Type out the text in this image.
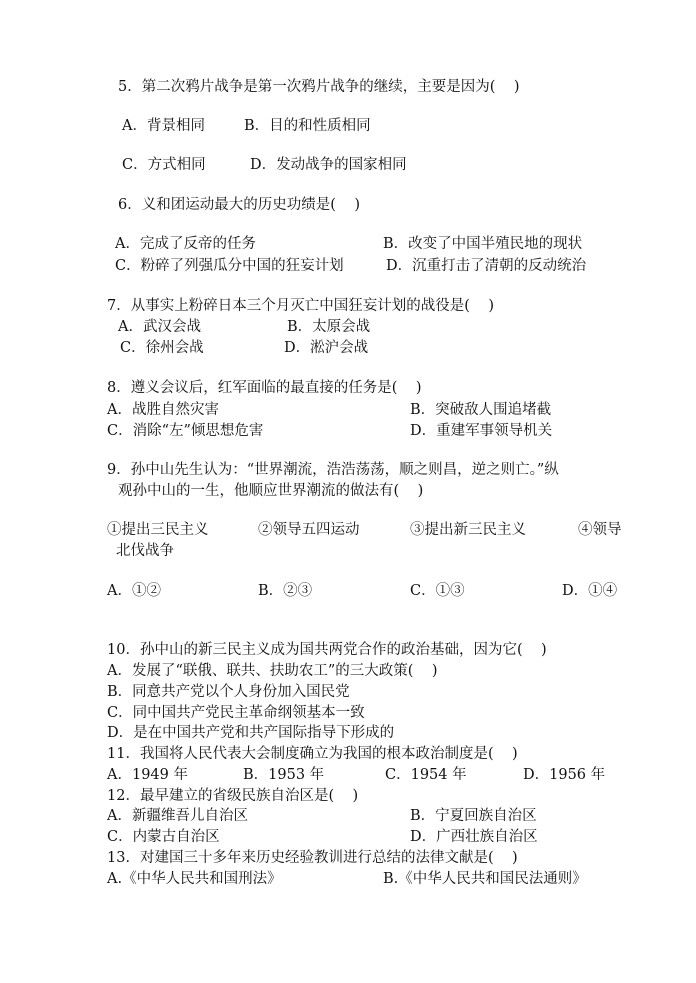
5．第二次鸦片战争是第一次鸦片战争的继续，主要是因为(    )
A．背景相同	B．目的和性质相同
C．方式相同	D．发动战争的国家相同
6．义和团运动最大的历史功绩是(    )
A．完成了反帝的任务	B．改变了中国半殖民地的现状
C．粉碎了列强瓜分中国的狂妄计划	D．沉重打击了清朝的反动统治
7．从事实上粉碎日本三个月灭亡中国狂妄计划的战役是(    )
A．武汉会战	B．太原会战
C．徐州会战	D．淞沪会战
8．遵义会议后，红军面临的最直接的任务是(    )
A．战胜自然灾害	B．突破敌人围追堵截
C．消除“左”倾思想危害	D．重建军事领导机关
9．孙中山先生认为：“世界潮流，浩浩荡荡，顺之则昌，逆之则亡。”纵
观孙中山的一生，他顺应世界潮流的做法有(    )
①提出三民主义	②领导五四运动	③提出新三民主义	④领导
北伐战争
A．①②	B．②③	C．①③	D．①④
10．孙中山的新三民主义成为国共两党合作的政治基础，因为它(    )
A．发展了“联俄、联共、扶助农工”的三大政策(    )
B．同意共产党以个人身份加入国民党
C．同中国共产党民主革命纲领基本一致
D．是在中国共产党和共产国际指导下形成的
11．我国将人民代表大会制度确立为我国的根本政治制度是(    )
A．1949 年	B．1953 年	C．1954 年	D．1956 年
12．最早建立的省级民族自治区是(    )
A．新疆维吾儿自治区	B．宁夏回族自治区
C．内蒙古自治区	D．广西壮族自治区
13．对建国三十多年来历史经验教训进行总结的法律文献是(    )
A.《中华人民共和国刑法》	B.《中华人民共和国民法通则》
